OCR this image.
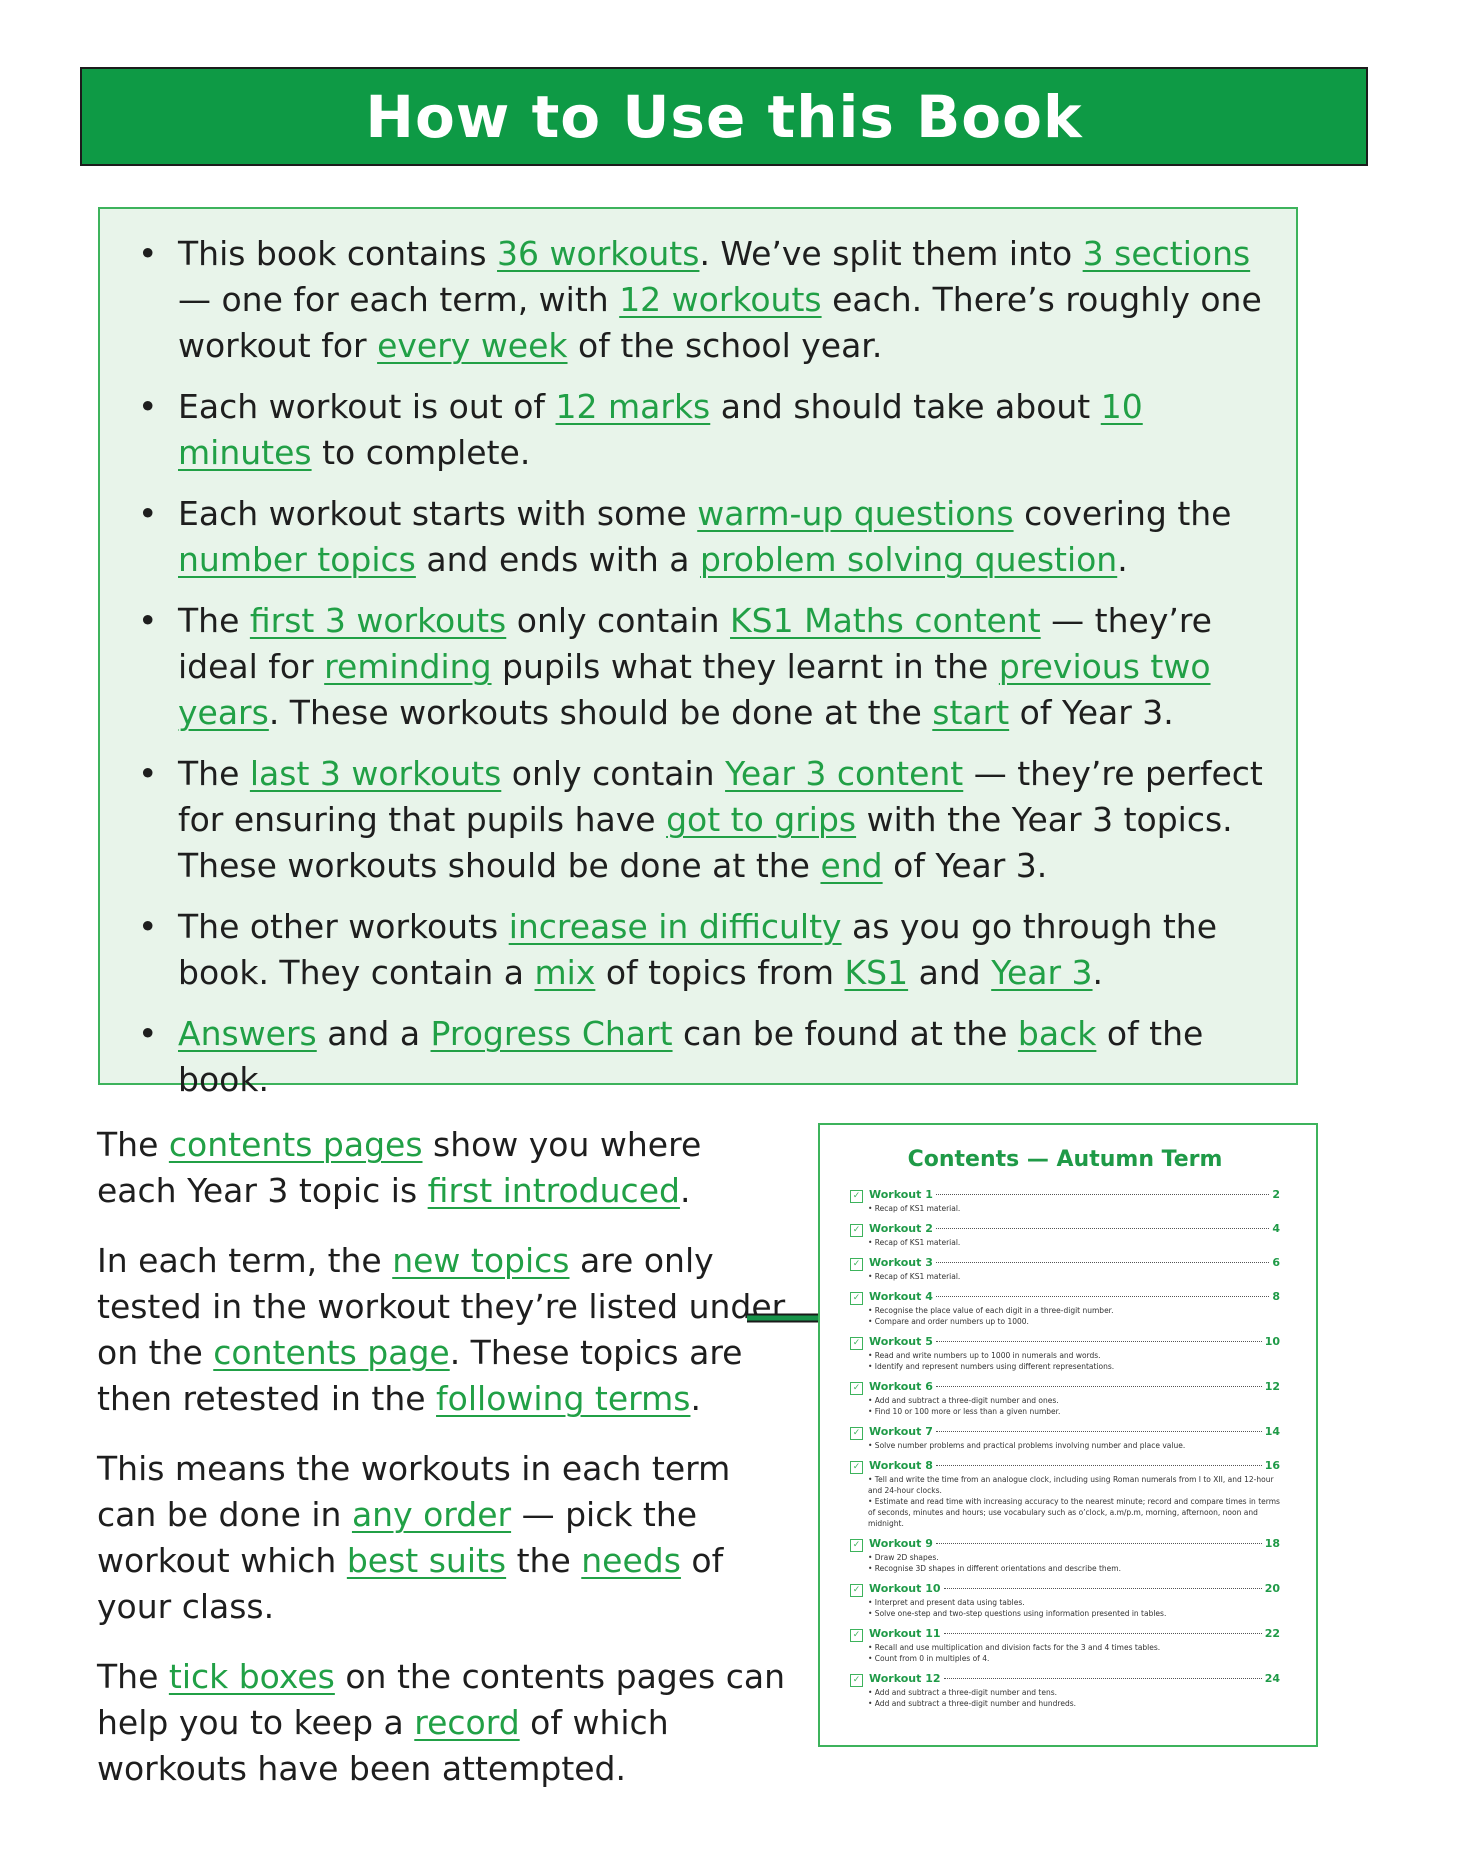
How to Use this Book
• This book contains 36 workouts. We’ve split them into 3 sections — one for each term, with 12 workouts each. There’s roughly one workout for every week of the school year.
• Each workout is out of 12 marks and should take about 10 minutes to complete.
• Each workout starts with some warm-up questions covering the number topics and ends with a problem solving question.
• The first 3 workouts only contain KS1 Maths content — they’re ideal for reminding pupils what they learnt in the previous two years. These workouts should be done at the start of Year 3.
• The last 3 workouts only contain Year 3 content — they’re perfect for ensuring that pupils have got to grips with the Year 3 topics. These workouts should be done at the end of Year 3.
• The other workouts increase in difficulty as you go through the book. They contain a mix of topics from KS1 and Year 3.
• Answers and a Progress Chart can be found at the back of the book.

The contents pages show you where each Year 3 topic is first introduced.

In each term, the new topics are only tested in the workout they’re listed under on the contents page. These topics are then retested in the following terms.

This means the workouts in each term can be done in any order — pick the workout which best suits the needs of your class.

The tick boxes on the contents pages can help you to keep a record of which workouts have been attempted.

Contents — Autumn Term
✓ Workout 1	2
• Recap of KS1 material.
✓ Workout 2	4
• Recap of KS1 material.
✓ Workout 3	6
• Recap of KS1 material.
✓ Workout 4	8
• Recognise the place value of each digit in a three-digit number.
• Compare and order numbers up to 1000.
✓ Workout 5	10
• Read and write numbers up to 1000 in numerals and words.
• Identify and represent numbers using different representations.
✓ Workout 6	12
• Add and subtract a three-digit number and ones.
• Find 10 or 100 more or less than a given number.
✓ Workout 7	14
• Solve number problems and practical problems involving number and place value.
✓ Workout 8	16
• Tell and write the time from an analogue clock, including using Roman numerals from I to XII, and 12-hour and 24-hour clocks.
• Estimate and read time with increasing accuracy to the nearest minute; record and compare times in terms of seconds, minutes and hours; use vocabulary such as o’clock, a.m/p.m, morning, afternoon, noon and midnight.
✓ Workout 9	18
• Draw 2D shapes.
• Recognise 3D shapes in different orientations and describe them.
✓ Workout 10	20
• Interpret and present data using tables.
• Solve one-step and two-step questions using information presented in tables.
✓ Workout 11	22
• Recall and use multiplication and division facts for the 3 and 4 times tables.
• Count from 0 in multiples of 4.
✓ Workout 12	24
• Add and subtract a three-digit number and tens.
• Add and subtract a three-digit number and hundreds.
